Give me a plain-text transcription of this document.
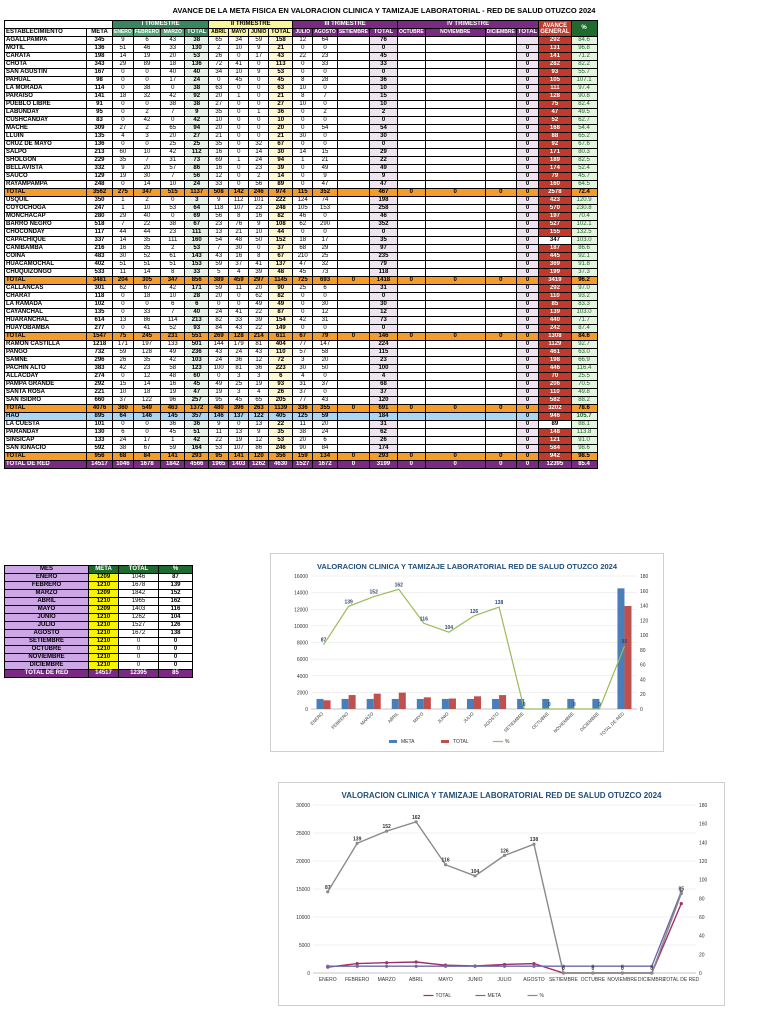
AVANCE DE LA META FISICA EN VALORACION CLINICA Y TAMIZAJE LABORATORIAL - RED DE SALUD OTUZCO 2024
		I TRIMESTRE				II TRIMESTRE				III TRIMESTRE				IV TRIMESTRE				AVANCE GENERAL	%
ESTABLECIMIENTO	META	ENERO	FEBRERO	MARZO	TOTAL	ABRIL	MAYO	JUNIO	TOTAL	JULIO	AGOSTO	SETIEMBRE	TOTAL	OCTUBRE	NOVIEMBRE	DICIEMBRE	TOTAL		
AGALLPAMPA	345	9	6	43	38	65	34	59	158	12	64		76					292	84.6
MOTIL	136	51	46	33	130	2	10	9	21	0	0		0				0	131	96.8
CARATA	198	14	19	20	53	26	0	17	43	22	23		45				0	141	71.2
CHOTA	343	29	89	18	136	72	41	0	113	0	33		33				0	282	82.2
SAN AGUSTIN	167	0	0	40	40	34	10	9	53	0	0		0				0	93	55.7
PAHUAL	98	0	0	17	24	0	45	0	45	8	28		36				0	105	107.1
LA MORADA	114	0	38	0	38	63	0	0	63	10	0		10				0	111	97.4
PARAISO	141	18	32	42	92	20	1	0	21	8	7		15				0	128	90.8
PUEBLO LIBRE	91	0	0	38	38	27	0	0	27	10	0		10				0	75	82.4
LABUNDAY	95	0	2	7	9	35	0	1	36	0	2		2				0	47	49.5
CUSHCANDAY	83	0	42	0	42	10	0	0	10	0	0		0				0	52	62.7
MACHE	309	27	2	65	94	20	0	0	20	0	54		54				0	168	54.4
LLUIN	135	4	3	20	27	21	0	0	21	30	0		30				0	88	65.2
CRUZ DE MAYO	136	0	0	25	25	35	0	32	67	0	0		0				0	92	67.6
SALPO	213	60	10	42	112	16	0	14	30	14	15		29				0	171	80.3
SHOLGON	229	35	7	31	73	69	1	24	94	1	21		22				0	189	82.5
BELLAVISTA	332	9	20	57	86	16	0	23	39	0	49		49				0	174	52.4
SAUCO	129	19	30	7	56	12	0	2	14	0	9		9				0	79	45.7
RAYAMPAMPA	248	0	14	10	24	33	0	56	89	0	47		47				0	160	64.5
TOTAL	3562	275	347	515	1137	508	142	246	974	115	352		467	0	0	0	0	2578	72.4
USQUIL	350	1	2	0	3	9	112	101	222	124	74		198				0	423	120.9
COYOCHOGA	247	1	10	53	64	118	107	23	248	105	153		258				0	570	230.8
MONCHACAP	280	29	40	0	69	56	8	16	82	46	0		46				0	197	70.4
BARRO NEGRO	518	7	22	38	67	23	76	9	108	62	290		352				0	527	102.1
CHOCONDAY	117	44	44	23	111	13	21	10	44	0	0		0				0	155	132.5
CAPACHIQUE	337	14	35	111	160	54	48	50	152	18	17		35				0	347	103.0
CANIBAMBA	216	16	35	2	53	7	30	0	37	68	29		97				0	187	86.6
COINA	483	30	52	61	143	43	16	8	67	210	25		235				0	445	92.1
HUACAMOCHAL	402	51	51	51	153	59	37	41	137	47	32		79				0	369	91.8
CHUQUIZONGO	533	11	14	8	33	5	4	39	48	45	73		118				0	199	37.3
TOTAL	3481	204	305	347	856	389	459	297	1145	725	693	0	1418	0	0	0	0	3419	96.2
CALLANCAS	301	62	67	42	171	59	11	20	90	25	6		31				0	292	97.0
CHARAT	118	0	18	10	28	20	0	62	82	0	0		0				0	110	93.2
LA RAMADA	102	0	0	6	6	0	0	49	49	0	30		30				0	85	83.3
CAYANCHAL	135	0	33	7	40	24	41	22	87	0	12		12				0	139	103.0
HUARANCHAL	614	13	86	114	213	82	33	39	154	42	31		73				0	440	71.7
HUAYOBAMBA	277	0	41	52	93	84	43	22	149	0	0		0				0	242	87.4
TOTAL	1547	75	245	231	551	269	128	214	611	67	79	0	146	0	0	0	0	1308	84.6
RAMÓN CASTILLA	1218	171	197	133	501	144	179	81	404	77	147		224				0	1129	92.7
PANGO	732	59	128	49	236	43	24	43	110	57	58		115				0	461	63.0
SAMNE	296	26	35	42	103	24	36	12	72	3	20		23				0	198	66.9
PACHIN ALTO	383	42	23	58	123	100	81	36	223	30	50		100				0	446	116.4
ALLACDAY	274	0	12	48	60	0	3	3	6	4	0		4				0	70	25.5
PAMPA GRANDE	292	15	14	16	45	49	25	19	93	31	37		68				0	206	70.5
SANTA ROSA	221	10	18	19	47	19	3	4	26	37	0		37				0	110	49.8
SAN ISIDRO	660	37	122	96	257	95	45	65	205	77	43		120				0	582	88.2
TOTAL	4076	360	549	463	1372	480	396	263	1139	336	355	0	691	0	0	0	0	3202	78.6
HAO	895	64	146	145	357	146	137	122	405	125	59		184				0	946	105.7
LA CUESTA	101	0	0	36	36	9	0	13	22	11	20		31				0	89	88.1
PARANDAY	130	6	0	45	51	11	13	9	35	38	24		62				0	148	113.8
SINSICAP	133	24	17	1	42	22	19	12	53	20	6		26				0	121	91.0
SAN IGNACIO	592	38	67	59	164	53	107	86	246	90	84		174				0	584	98.6
TOTAL	956	68	84	141	293	95	141	120	356	159	134	0	293	0	0	0	0	942	98.5
TOTAL DE RED	14517	1046	1678	1842	4566	1965	1403	1262	4630	1527	1672	0	3199	0	0	0	0	12395	85.4
MES	META	TOTAL	%
ENERO	1209	1046	87
FEBRERO	1210	1678	139
MARZO	1209	1842	152
ABRIL	1210	1965	162
MAYO	1209	1403	116
JUNIO	1210	1262	104
JULIO	1210	1527	126
AGOSTO	1210	1672	138
SETIEMBRE	1210	0	0
OCTUBRE	1210	0	0
NOVIEMBRE	1210	0	0
DICIEMBRE	1210	0	0
TOTAL DE RED	14517	12395	85
VALORACION CLINICA Y TAMIZAJE LABORATORIAL RED DE SALUD OTUZCO 2024
0
2000
4000
6000
8000
10000
12000
14000
16000
0
20
40
60
80
100
120
140
160
180
ENERO FEBRERO MARZO	ABRIL	MAYO	JUNIO	JULIO AGOSTO SETIEMBRE OCTUBRE NOVIEMBRE DICIEMBRE
TOTAL DE RED
87
139
152
162
116
104
126
138
0	0	0	0
85
META	TOTAL	%
VALORACION CLINICA Y TAMIZAJE LABORATORIAL RED DE SALUD OTUZCO 2024
0
5000
10000
15000
20000
25000
30000
0
20
40
60
80
100
120
140
160
180
ENERO FEBRERO MARZO	ABRIL	MAYO	JUNIO	JULIO AGOSTO SETIEMBRE OCTUBRE NOVIEMBRE DICIEMBRE
TOTAL DE RED
87
139
152
162
116
104
126
138
0	0	0	0
85
TOTAL	META	%
